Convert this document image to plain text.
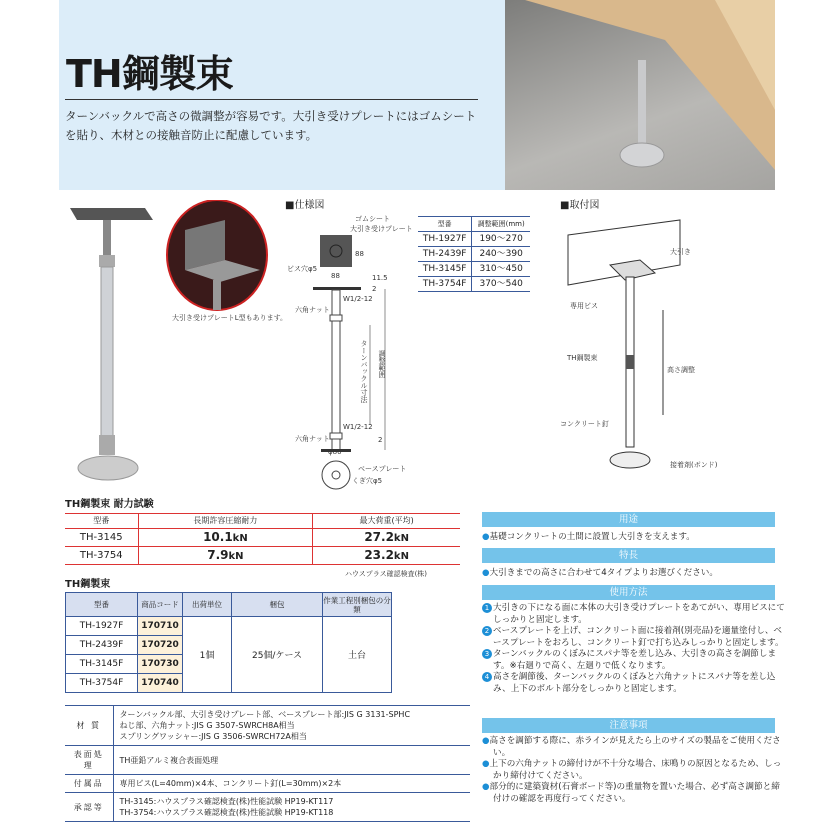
TH鋼製束
ターンバックルで高さの微調整が容易です。大引き受けプレートにはゴムシートを貼り、木材との接触音防止に配慮しています。
大引き受けプレートL型もあります。
■仕様図
ゴムシート
大引き受けプレート
88
ビス穴φ5
88	11.5
2
W1/2-12
六角ナット
ターンバックル寸法 調整範囲
W1/2-12
六角ナット	2
φ80
ベースプレート
くぎ穴φ5
型番	調整範囲(mm)
TH-1927F	190〜270
TH-2439F	240〜390
TH-3145F	310〜450
TH-3754F	370〜540
■取付図
大引き
専用ビス
TH鋼製束
高さ調整
コンクリート釘
接着剤(ボンド)
TH鋼製束 耐力試験
型番	長期許容圧縮耐力	最大荷重(平均)
TH-3145	10.1kN	27.2kN
TH-3754	7.9kN	23.2kN
ハウスプラス確認検査(株)
TH鋼製束
型番	商品コード	出荷単位	梱包	作業工程別梱包の分類
TH-1927F	170710	1個	25個/ケース	土台
TH-2439F	170720			
TH-3145F	170730			
TH-3754F	170740			
材 質	ターンバックル部、大引き受けプレート部、ベースプレート部:JIS G 3131-SPHC
ねじ部、六角ナット:JIS G 3507-SWRCH8A相当
スプリングワッシャー:JIS G 3506-SWRCH72A相当

表面処理	TH亜鉛アルミ複合表面処理

付属品	専用ビス(L=40mm)×4本、コンクリート釘(L=30mm)×2本

承認等	TH-3145:ハウスプラス確認検査(株)性能試験 HP19-KT117
TH-3754:ハウスプラス確認検査(株)性能試験 HP19-KT118
用途
●基礎コンクリートの土間に設置し大引きを支えます。
特長
●大引きまでの高さに合わせて4タイプよりお選びください。
使用方法
1 大引きの下になる面に本体の大引き受けプレートをあてがい、専用ビスにてしっかりと固定します。
2 ベースプレートを上げ、コンクリート面に接着剤(別売品)を適量塗付し、ベースプレートをおろし、コンクリート釘で打ち込みしっかりと固定します。
3 ターンバックルのくぼみにスパナ等を差し込み、大引きの高さを調節します。※右廻りで高く、左廻りで低くなります。
4 高さを調節後、ターンバックルのくぼみと六角ナットにスパナ等を差し込み、上下のボルト部分をしっかりと固定します。
注意事項
●高さを調節する際に、赤ラインが見えたら上のサイズの製品をご使用ください。
●上下の六角ナットの締付けが不十分な場合、床鳴りの原因となるため、しっかり締付けてください。
●部分的に建築資材(石膏ボード等)の重量物を置いた場合、必ず高さ調節と締付けの確認を再度行ってください。
